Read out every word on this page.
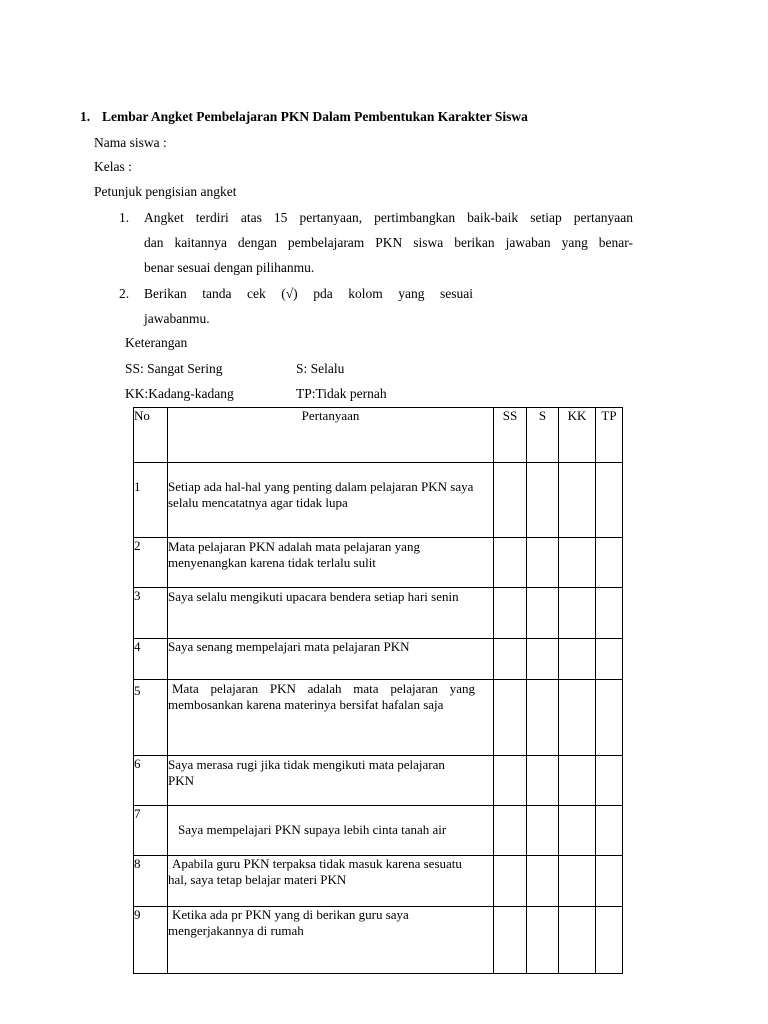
1. Lembar Angket Pembelajaran PKN Dalam Pembentukan Karakter Siswa
Nama siswa :
Kelas :
Petunjuk pengisian angket
1. Angket terdiri atas 15 pertanyaan, pertimbangkan baik-baik setiap pertanyaan
dan kaitannya dengan pembelajaram PKN siswa berikan jawaban yang benar-
benar sesuai dengan pilihanmu.
2. Berikan tanda cek (√) pda kolom yang sesuai
jawabanmu.
Keterangan
SS: Sangat Sering	S: Selalu
KK:Kadang-kadang	TP:Tidak pernah
No	Pertanyaan	SS	S	KK	TP
1	Setiap ada hal-hal yang penting dalam pelajaran PKN saya selalu mencatatnya agar tidak lupa				
2	Mata pelajaran PKN adalah mata pelajaran yang menyenangkan karena tidak terlalu sulit				
3	Saya selalu mengikuti upacara bendera setiap hari senin				
4	Saya senang mempelajari mata pelajaran PKN				
5	Mata pelajaran PKN adalah mata pelajaran yang membosankan karena materinya bersifat hafalan saja				
6	Saya merasa rugi jika tidak mengikuti mata pelajaran PKN				
7	Saya mempelajari PKN supaya lebih cinta tanah air				
8	Apabila guru PKN terpaksa tidak masuk karena sesuatu hal, saya tetap belajar materi PKN				
9	Ketika ada pr PKN yang di berikan guru saya mengerjakannya di rumah				
